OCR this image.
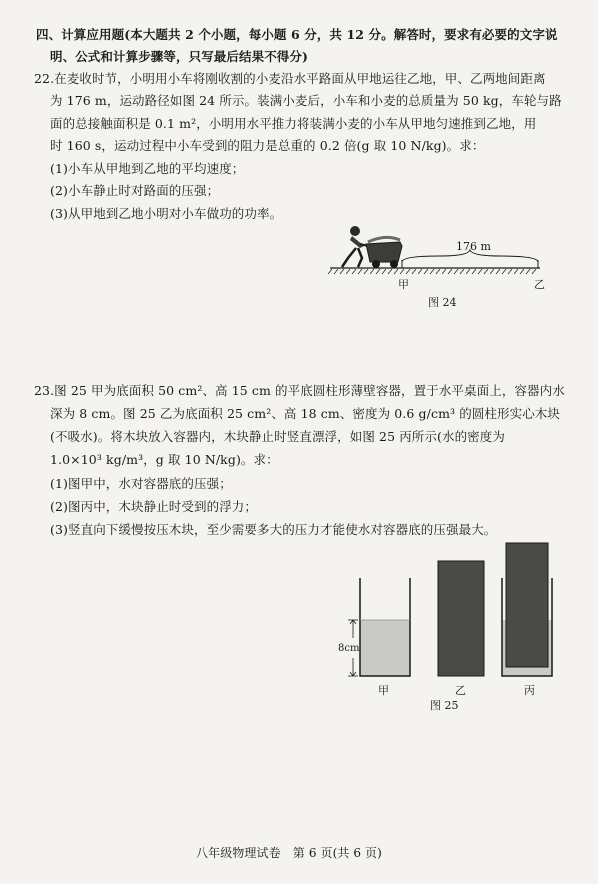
四、计算应用题(本大题共 2 个小题，每小题 6 分，共 12 分。解答时，要求有必要的文字说
明、公式和计算步骤等，只写最后结果不得分)
22.在麦收时节，小明用小车将刚收割的小麦沿水平路面从甲地运往乙地，甲、乙两地间距离
为 176 m，运动路径如图 24 所示。装满小麦后，小车和小麦的总质量为 50 kg，车轮与路
面的总接触面积是 0.1 m²，小明用水平推力将装满小麦的小车从甲地匀速推到乙地，用
时 160 s，运动过程中小车受到的阻力是总重的 0.2 倍(g 取 10 N/kg)。求：
(1)小车从甲地到乙地的平均速度；
(2)小车静止时对路面的压强；
(3)从甲地到乙地小明对小车做功的功率。
176 m
甲	乙
图 24
23.图 25 甲为底面积 50 cm²、高 15 cm 的平底圆柱形薄壁容器，置于水平桌面上，容器内水
深为 8 cm。图 25 乙为底面积 25 cm²、高 18 cm、密度为 0.6 g/cm³ 的圆柱形实心木块
(不吸水)。将木块放入容器内，木块静止时竖直漂浮，如图 25 丙所示(水的密度为
1.0×10³ kg/m³，g 取 10 N/kg)。求：
(1)图甲中，水对容器底的压强；
(2)图丙中，木块静止时受到的浮力；
(3)竖直向下缓慢按压木块，至少需要多大的压力才能使水对容器底的压强最大。
8cm
甲	乙	丙
图 25
八年级物理试卷　第 6 页(共 6 页)
